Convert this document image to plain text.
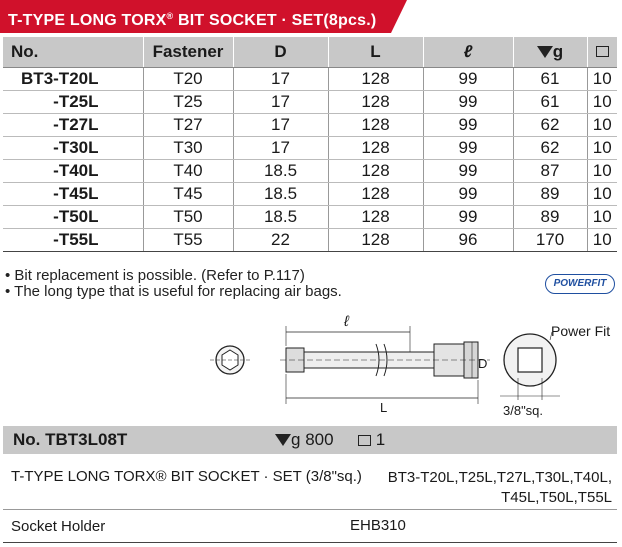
T-TYPE LONG TORX® BIT SOCKET · SET(8pcs.)
No.	Fastener	D	L	ℓ	g	
BT3-T20L	T20	17	128	99	61	10
-T25L	T25	17	128	99	61	10
-T27L	T27	17	128	99	62	10
-T30L	T30	17	128	99	62	10
-T40L	T40	18.5	128	99	87	10
-T45L	T45	18.5	128	99	89	10
-T50L	T50	18.5	128	99	89	10
-T55L	T55	22	128	96	170	10
• Bit replacement is possible. (Refer to P.117)
• The long type that is useful for replacing air bags.	POWERFIT
ℓ
D
L	3/8"sq.
Power Fit
No. TBT3L08T	g 800	1
T-TYPE LONG TORX® BIT SOCKET · SET (3/8"sq.)	BT3-T20L,T25L,T27L,T30L,T40L,
T45L,T50L,T55L
Socket Holder	EHB310
